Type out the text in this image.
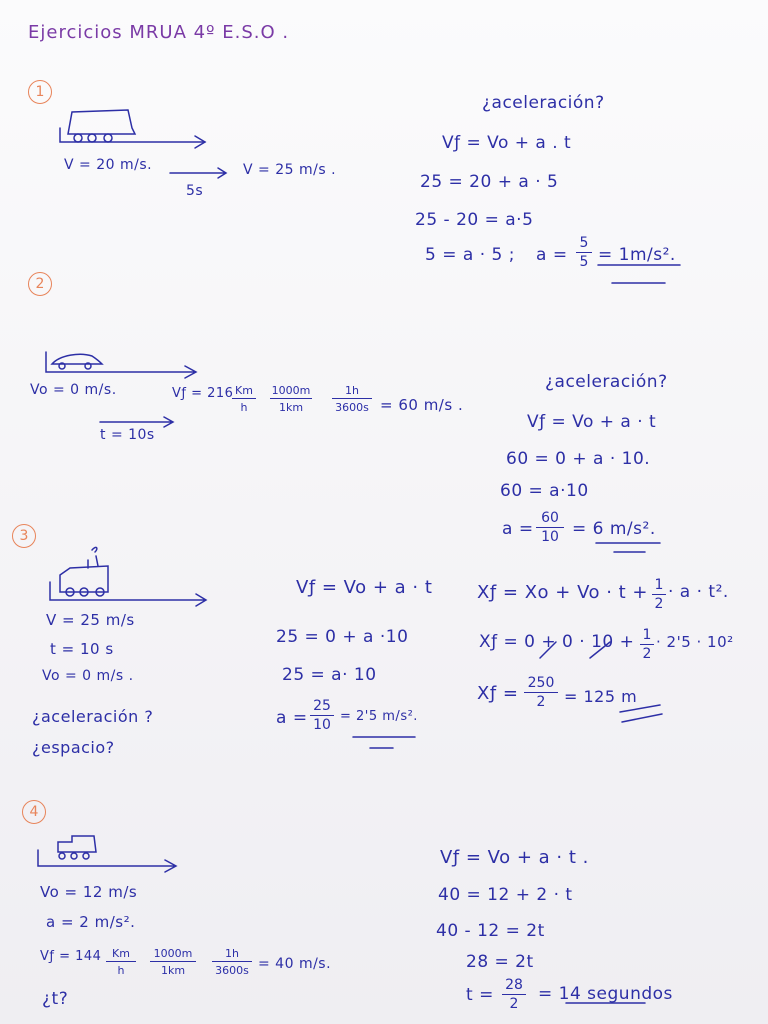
Ejercicios MRUA 4º E.S.O .
1
V = 20 m/s.
5s
V = 25 m/s .
¿aceleración?
Vƒ = Vo + a . t
25 = 20 + a · 5
25 - 20 = a·5
5 = a · 5 ; $a = \frac{5}{5} = 1m/s^2$.
2
Vo = 0 m/s.	Vƒ = 216
$\frac{Km}{h} \frac{1000m}{1km} \frac{1h}{3600s} = 60$ m/s .
t = 10s
¿aceleración?
Vƒ = Vo + a · t
60 = 0 + a · 10.
60 = a·10
$a = \frac{60}{10} = 6$ m/s².
3
V = 25 m/s
t = 10 s
Vo = 0 m/s .
¿aceleración ?
¿espacio?
Vƒ = Vo + a · t
25 = 0 + a ·10
25 = a· 10
$a = \frac{25}{10} = 2'5$ m/s².
Xƒ = $Xo + Vo \cdot t + \frac{1}{2} \cdot a \cdot t^2$.
Xƒ = $0 + 0 \cdot 10 + \frac{1}{2} \cdot 2'5 \cdot 10^2$
Xƒ = $\frac{250}{2} = 125$ m
4
Vo = 12 m/s
a = 2 m/s².
Vƒ = $144 \frac{Km}{h} \frac{1000m}{1km} \frac{1h}{3600s} = 40$ m/s.
¿t?
Vƒ = Vo + a · t .
40 = 12 + 2 · t
40 - 12 = 2t
28 = 2t
$t = \frac{28}{2} = 14$ segundos
